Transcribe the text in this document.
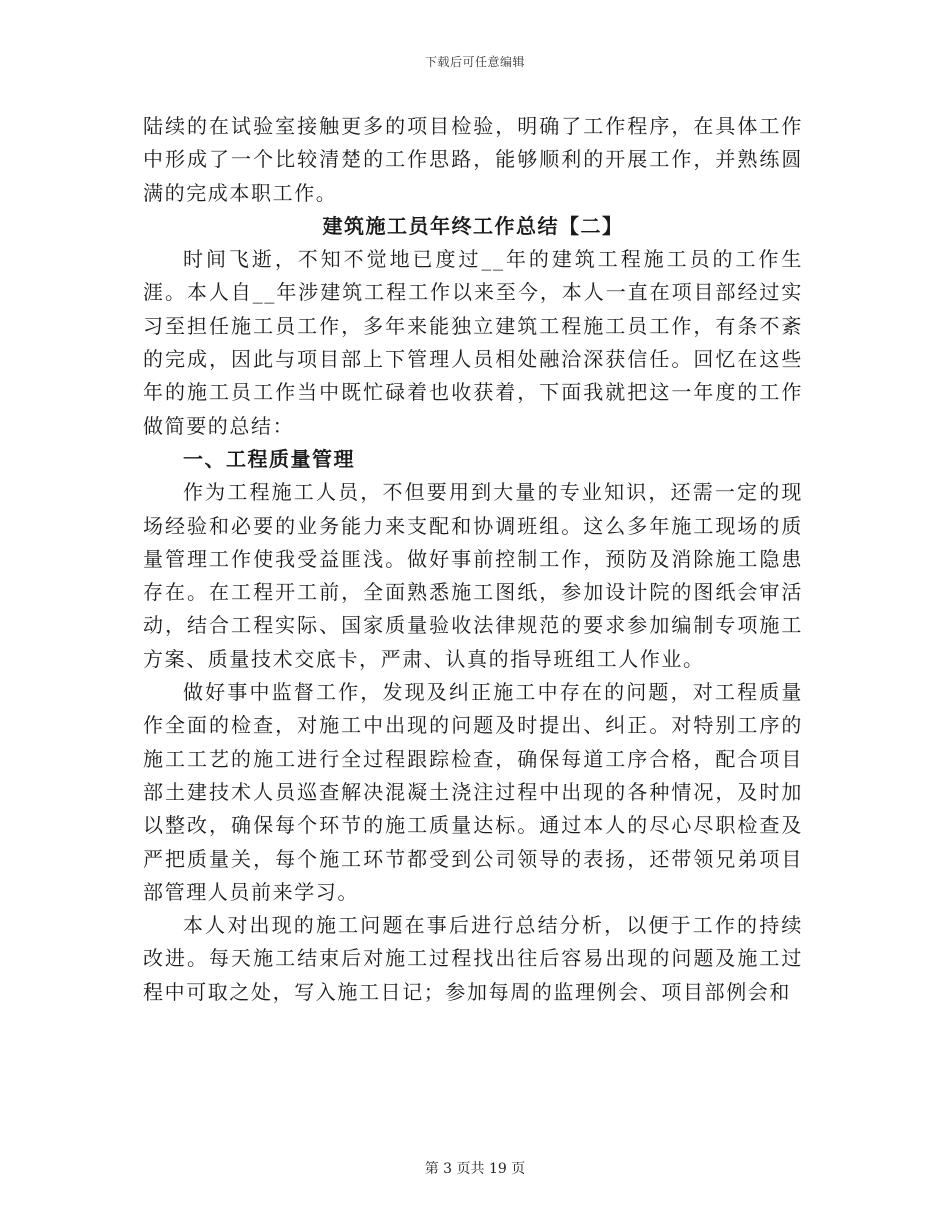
下载后可任意编辑

陆续的在试验室接触更多的项目检验，明确了工作程序，在具体工作中形成了一个比较清楚的工作思路，能够顺利的开展工作，并熟练圆满的完成本职工作。

建筑施工员年终工作总结【二】

时间飞逝，不知不觉地已度过__年的建筑工程施工员的工作生涯。本人自__年涉建筑工程工作以来至今，本人一直在项目部经过实习至担任施工员工作，多年来能独立建筑工程施工员工作，有条不紊的完成，因此与项目部上下管理人员相处融洽深获信任。回忆在这些年的施工员工作当中既忙碌着也收获着，下面我就把这一年度的工作做简要的总结：

一、工程质量管理

作为工程施工人员，不但要用到大量的专业知识，还需一定的现场经验和必要的业务能力来支配和协调班组。这么多年施工现场的质量管理工作使我受益匪浅。做好事前控制工作，预防及消除施工隐患存在。在工程开工前，全面熟悉施工图纸，参加设计院的图纸会审活动，结合工程实际、国家质量验收法律规范的要求参加编制专项施工方案、质量技术交底卡，严肃、认真的指导班组工人作业。

做好事中监督工作，发现及纠正施工中存在的问题，对工程质量作全面的检查，对施工中出现的问题及时提出、纠正。对特别工序的施工工艺的施工进行全过程跟踪检查，确保每道工序合格，配合项目部土建技术人员巡查解决混凝土浇注过程中出现的各种情况，及时加以整改，确保每个环节的施工质量达标。通过本人的尽心尽职检查及严把质量关，每个施工环节都受到公司领导的表扬，还带领兄弟项目部管理人员前来学习。

本人对出现的施工问题在事后进行总结分析，以便于工作的持续改进。每天施工结束后对施工过程找出往后容易出现的问题及施工过程中可取之处，写入施工日记；参加每周的监理例会、项目部例会和

第 3 页共 19 页
